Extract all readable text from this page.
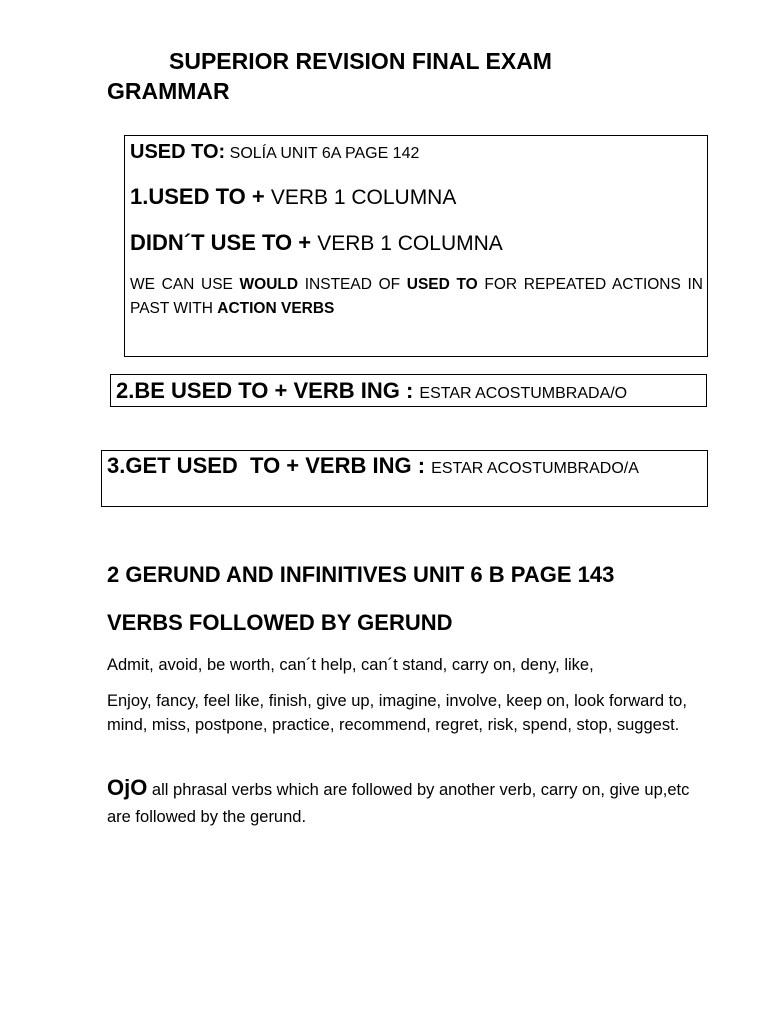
SUPERIOR REVISION FINAL EXAM
GRAMMAR
USED TO: SOLÍA UNIT 6A PAGE 142
1.USED TO + VERB 1 COLUMNA
DIDN´T USE TO + VERB 1 COLUMNA
WE CAN USE WOULD INSTEAD OF USED TO FOR REPEATED ACTIONS IN PAST WITH ACTION VERBS
2.BE USED TO + VERB ING : ESTAR ACOSTUMBRADA/O
3.GET USED  TO + VERB ING : ESTAR ACOSTUMBRADO/A
2 GERUND AND INFINITIVES UNIT 6 B PAGE 143
VERBS FOLLOWED BY GERUND
Admit, avoid, be worth, can´t help, can´t stand, carry on, deny, like,
Enjoy, fancy, feel like, finish, give up, imagine, involve, keep on, look forward to, mind, miss, postpone, practice, recommend, regret, risk, spend, stop, suggest.
OjO all phrasal verbs which are followed by another verb, carry on, give up,etc are followed by the gerund.
